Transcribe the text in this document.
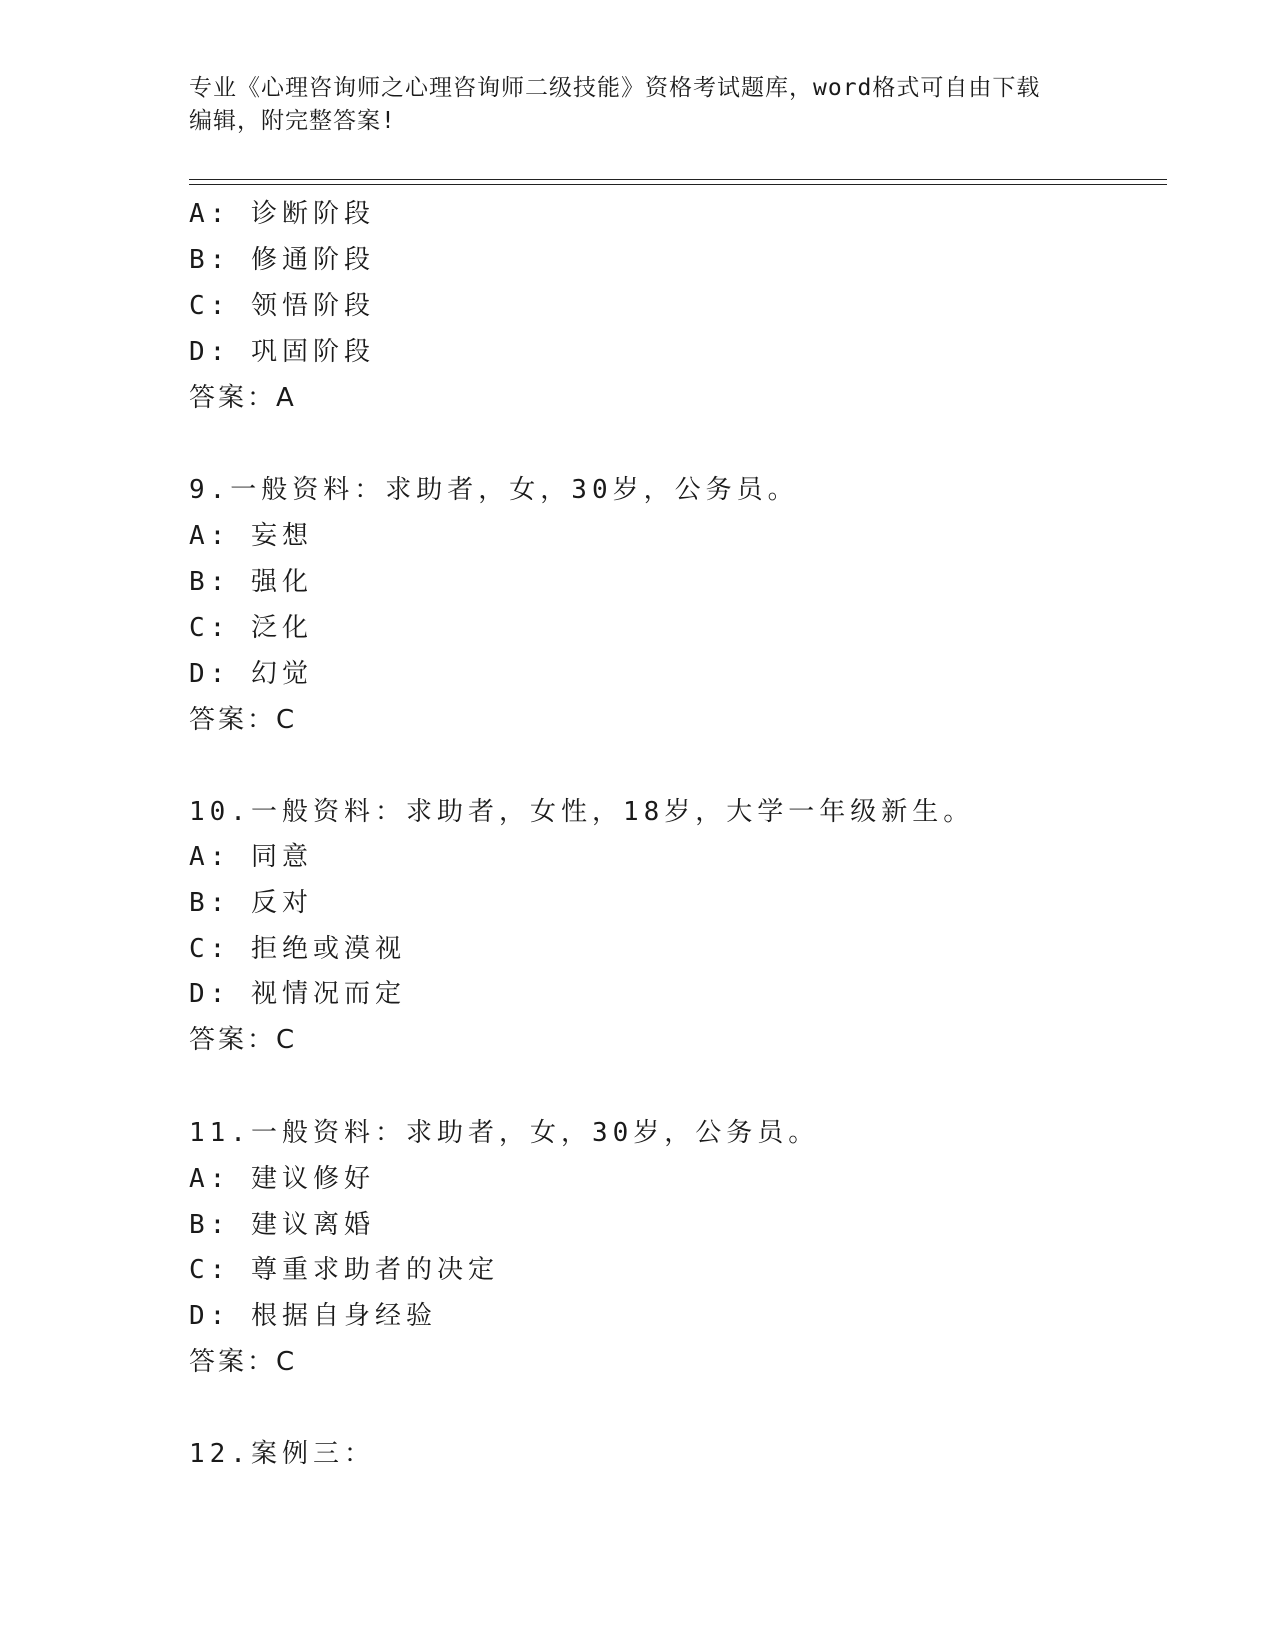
专业《心理咨询师之心理咨询师二级技能》资格考试题库，word格式可自由下载
编辑，附完整答案!
A: 诊断阶段
B: 修通阶段
C: 领悟阶段
D: 巩固阶段
答案：A
9.一般资料：求助者，女，30岁，公务员。
A: 妄想
B: 强化
C: 泛化
D: 幻觉
答案：C
10.一般资料：求助者，女性，18岁，大学一年级新生。
A: 同意
B: 反对
C: 拒绝或漠视
D: 视情况而定
答案：C
11.一般资料：求助者，女，30岁，公务员。
A: 建议修好
B: 建议离婚
C: 尊重求助者的决定
D: 根据自身经验
答案：C
12.案例三：
